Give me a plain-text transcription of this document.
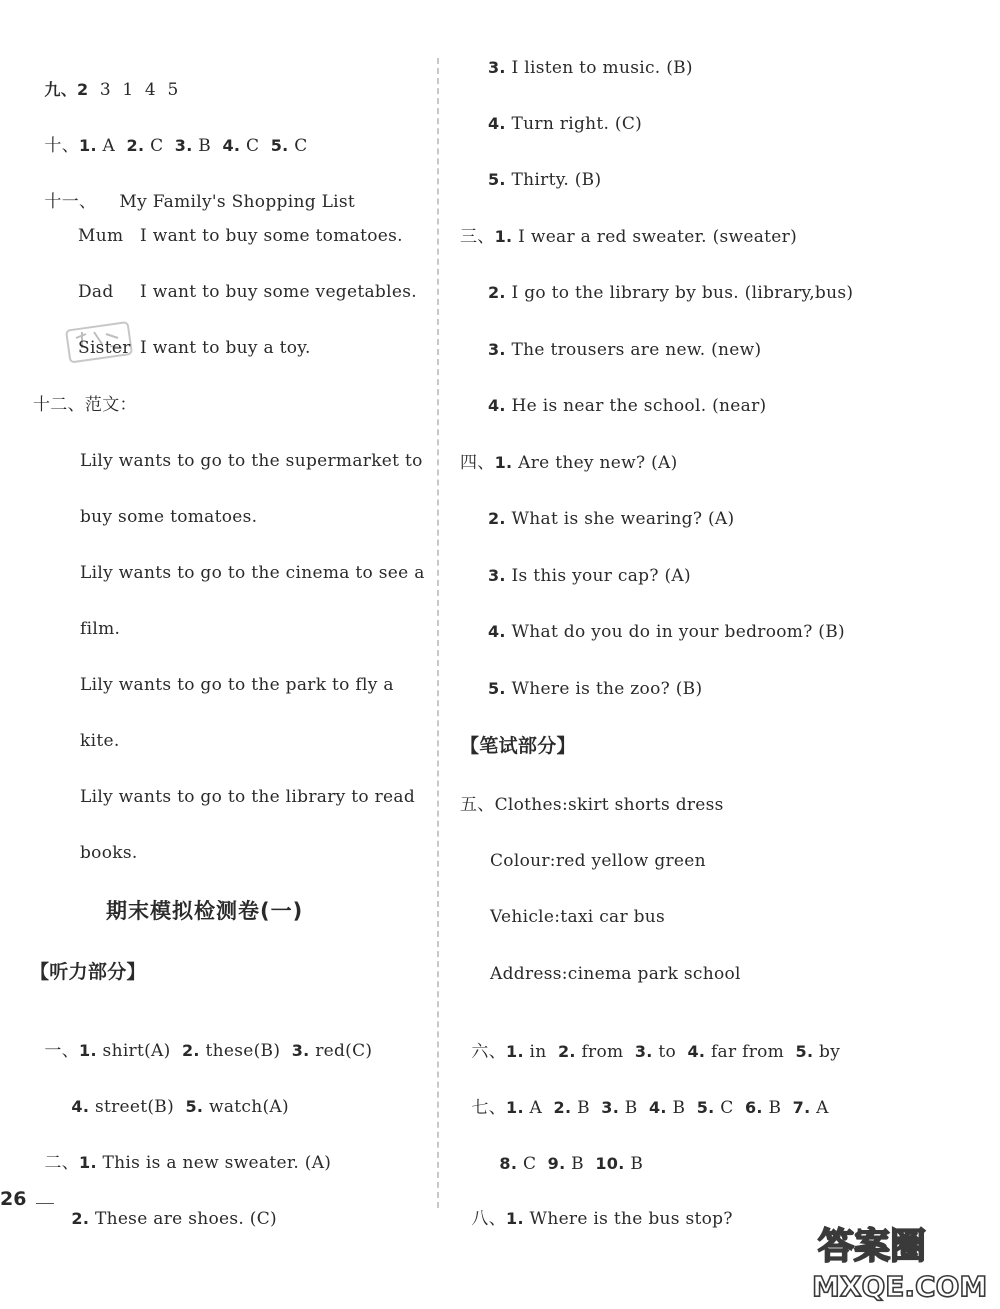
九、2  3  1  4  5

十、1. A  2. C  3. B  4. C  5. C

十一、	My Family's Shopping List

Mum I want to buy some tomatoes.
Dad I want to buy some vegetables.
Sister I want to buy a toy.
十二、范文：
Lily wants to go to the supermarket to
buy some tomatoes.
Lily wants to go to the cinema to see a
film.
Lily wants to go to the park to fly a
kite.
Lily wants to go to the library to read
books.
期末模拟检测卷(一)
【听力部分】

一、1. shirt(A)  2. these(B)  3. red(C)

4. street(B)  5. watch(A)

二、1. This is a new sweater. (A)

2. These are shoes. (C)

26
3. I listen to music. (B)
4. Turn right. (C)
5. Thirty. (B)
三、1. I wear a red sweater. (sweater)
2. I go to the library by bus. (library,bus)
3. The trousers are new. (new)
4. He is near the school. (near)
四、1. Are they new? (A)
2. What is she wearing? (A)
3. Is this your cap? (A)
4. What do you do in your bedroom? (B)
5. Where is the zoo? (B)
【笔试部分】
五、Clothes:skirt shorts dress
Colour:red yellow green
Vehicle:taxi car bus
Address:cinema park school

六、1. in  2. from  3. to  4. far from  5. by

七、1. A  2. B  3. B  4. B  5. C  6. B  7. A

8. C  9. B  10. B

八、1. Where is the bus stop?

答案圈
MXQE.COM
